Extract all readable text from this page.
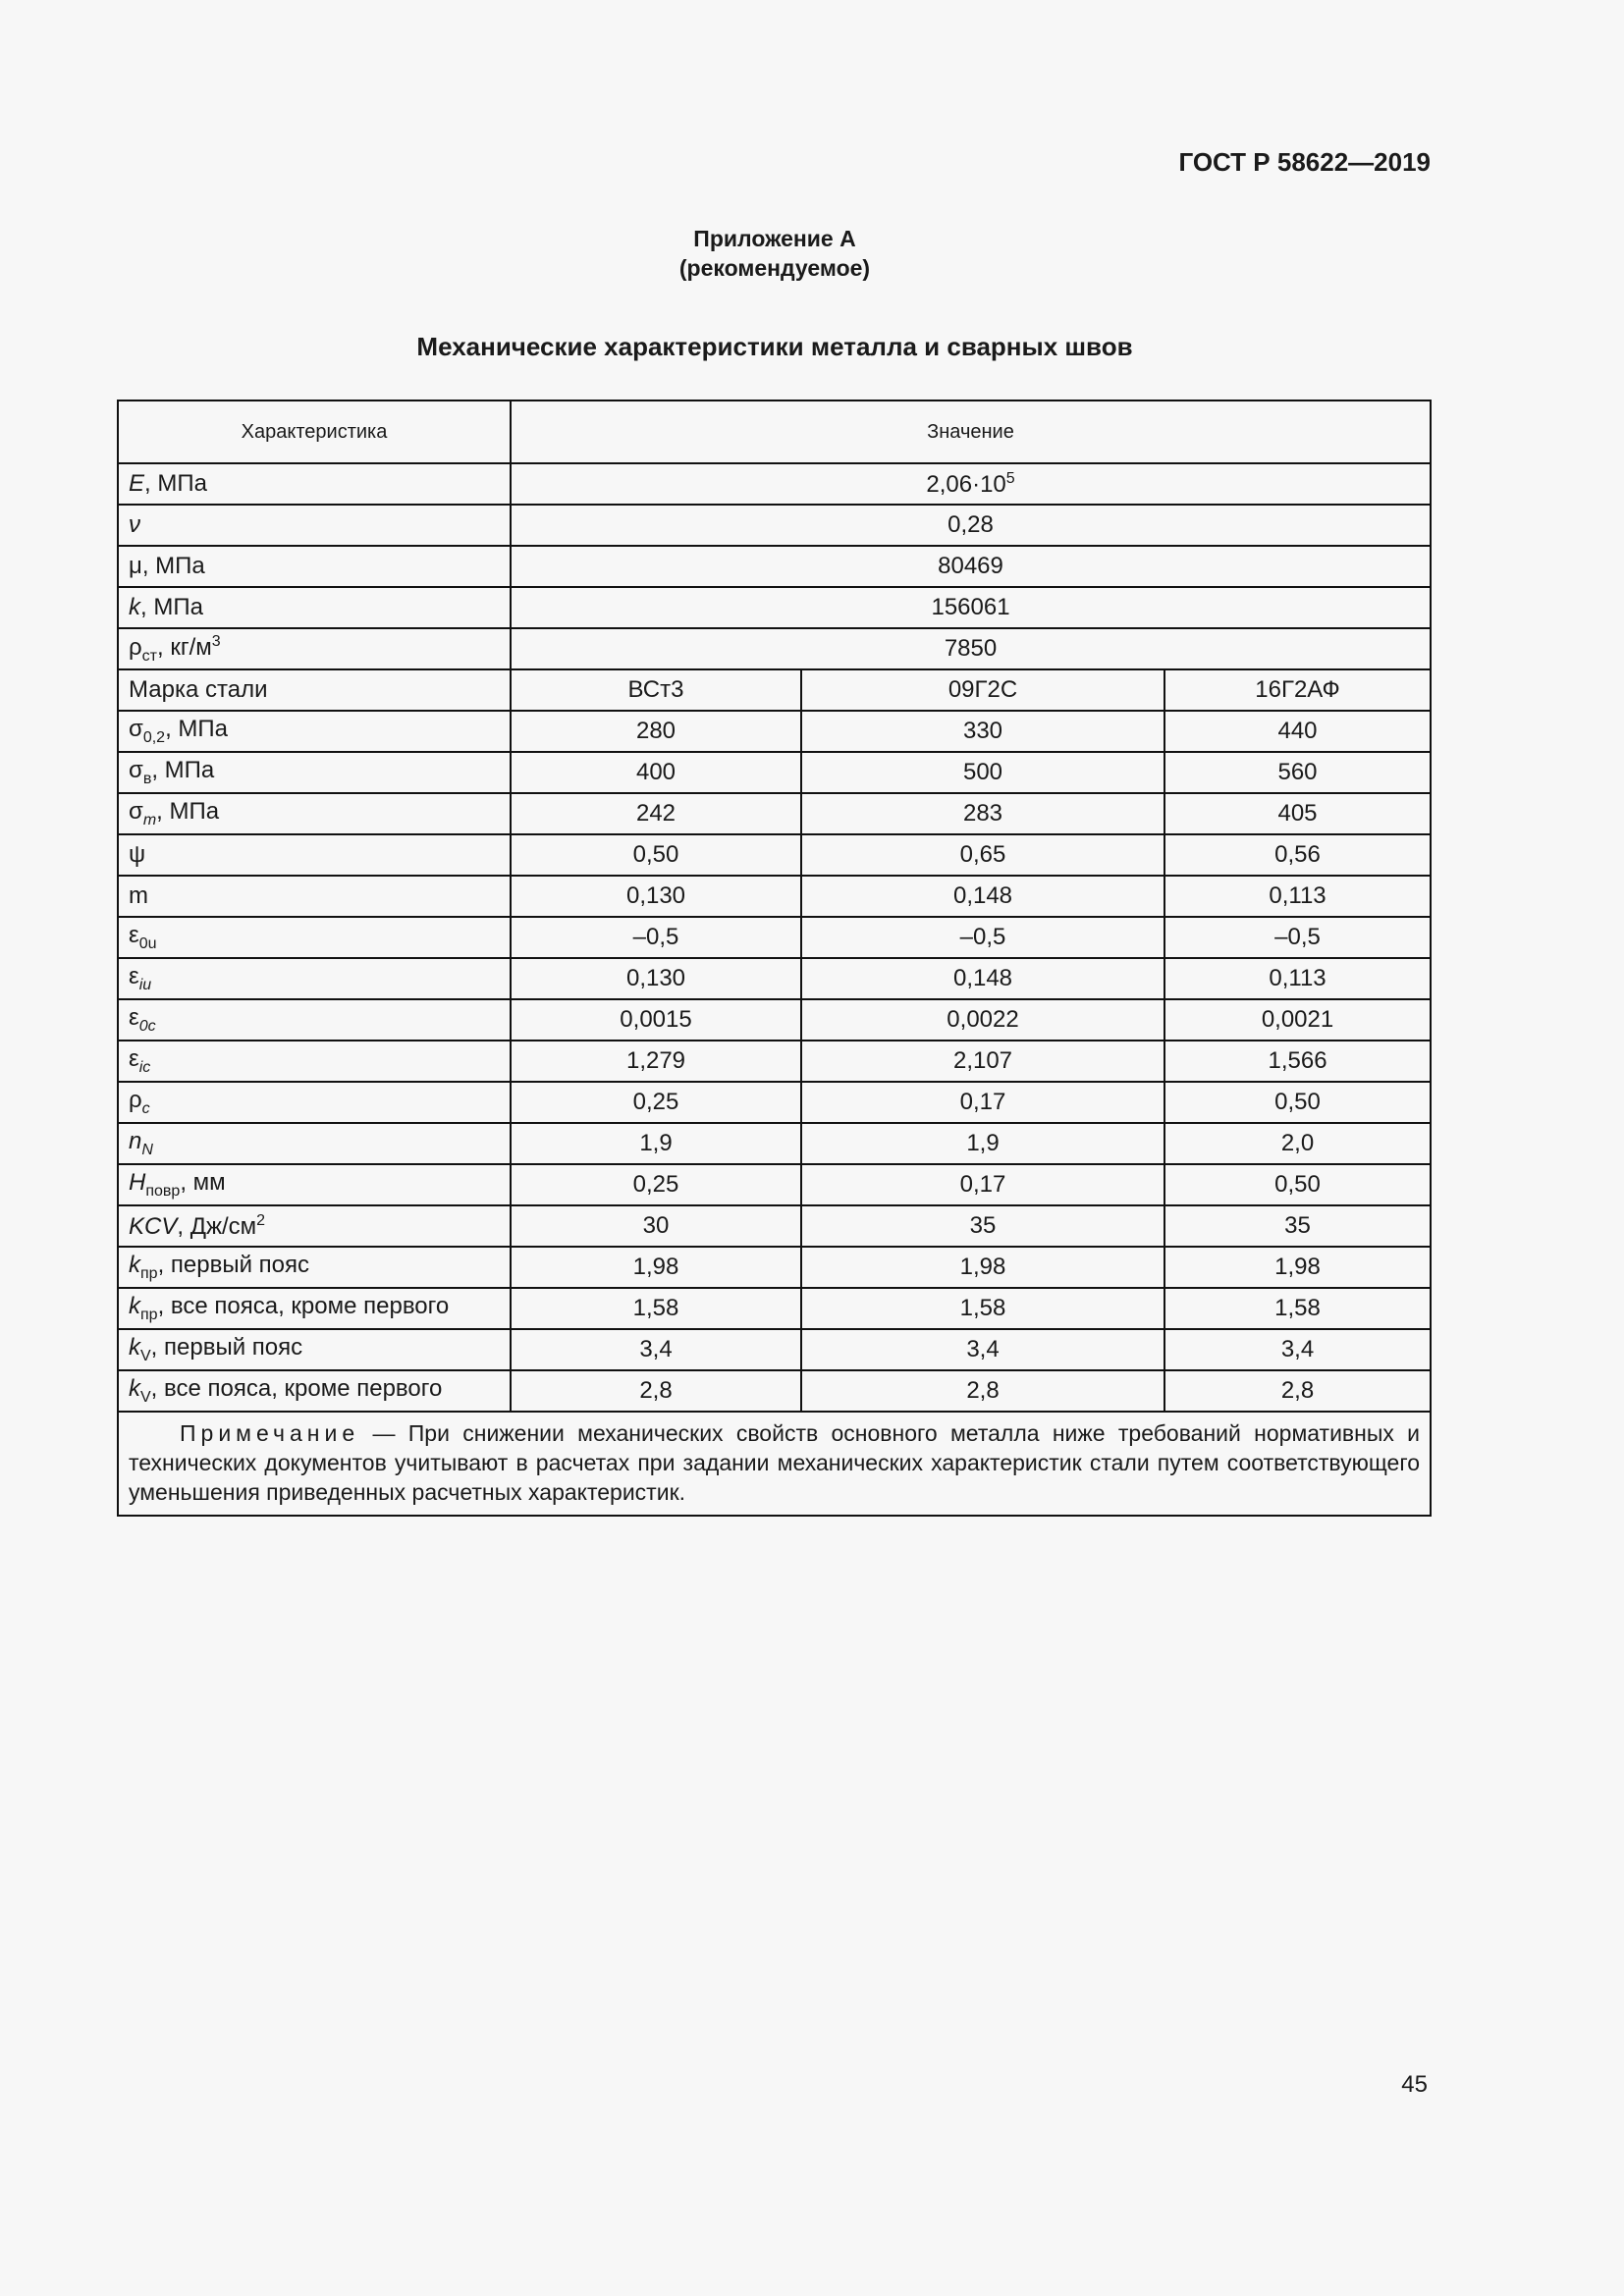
ГОСТ Р 58622—2019
Приложение А
(рекомендуемое)
Механические характеристики металла и сварных швов
Характеристика	Значение		
E, МПа	$2,06\cdot 10^5$
ν	0,28		
μ, МПа	80469		
k, МПа	156061		
$\rho_{ст}$, $кг/м^3$	7850		
Марка стали	ВСт3	09Г2С	16Г2АФ
$\sigma_{0,2}$, МПа	280	330	440
$\sigma_в$, МПа	400	500	560
$\sigma_m$, МПа	242	283	405
ψ	0,50	0,65	0,56
m	0,130	0,148	0,113
$\varepsilon_{0u}$	–0,5	–0,5	–0,5
$\varepsilon_{iu}$	0,130	0,148	0,113
$\varepsilon_{0c}$	0,0015	0,0022	0,0021
$\varepsilon_{ic}$	1,279	2,107	1,566
$\rho_c$	0,25	0,17	0,50
$n_N$	1,9	1,9	2,0
$H_{повр}$, мм	0,25	0,17	0,50
KCV, $Дж/см^2$	30	35	35
$k_{пр}$, первый пояс	1,98	1,98	1,98
$k_{пр}$, все пояса, кроме первого	1,58	1,58	1,58
$k_V$, первый пояс	3,4	3,4	3,4
$k_V$, все пояса, кроме первого	2,8	2,8	2,8
Примечание — При снижении механических свойств основного металла ниже требований нормативных и технических документов учитывают в расчетах при задании механических характеристик стали путем соответствующего уменьшения приведенных расчетных характеристик.			
45
